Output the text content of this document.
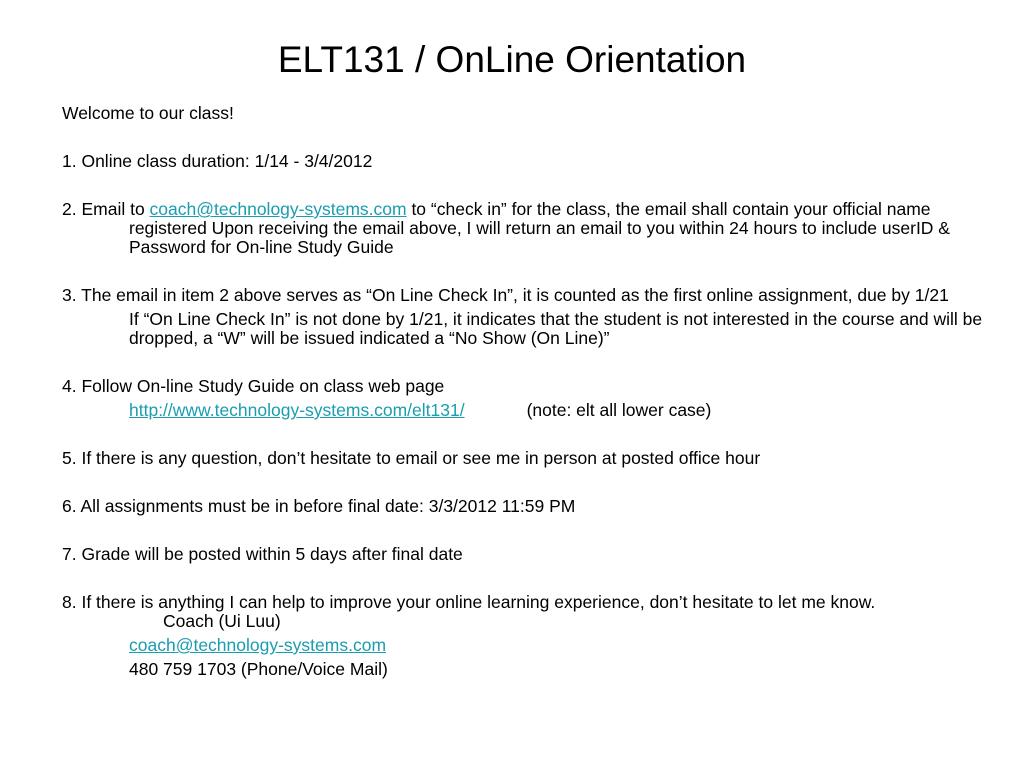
ELT131 / OnLine Orientation

Welcome to our class!

1. Online class duration: 1/14 - 3/4/2012

2. Email to coach@technology-systems.com to “check in” for the class, the email shall contain your official name registered Upon receiving the email above, I will return an email to you within 24 hours to include userID & Password for On-line Study Guide

3. The email in item 2 above serves as “On Line Check In”, it is counted as the first online assignment, due by 1/21

If “On Line Check In” is not done by 1/21, it indicates that the student is not interested in the course and will be dropped, a “W” will be issued indicated a “No Show (On Line)”

4. Follow On-line Study Guide on class web page

http://www.technology-systems.com/elt131/	(note: elt all lower case)

5. If there is any question, don’t hesitate to email or see me in person at posted office hour

6. All assignments must be in before final date: 3/3/2012 11:59 PM

7. Grade will be posted within 5 days after final date

8. If there is anything I can help to improve your online learning experience, don’t hesitate to let me know.

Coach (Ui Luu)

coach@technology-systems.com

480 759 1703 (Phone/Voice Mail)
